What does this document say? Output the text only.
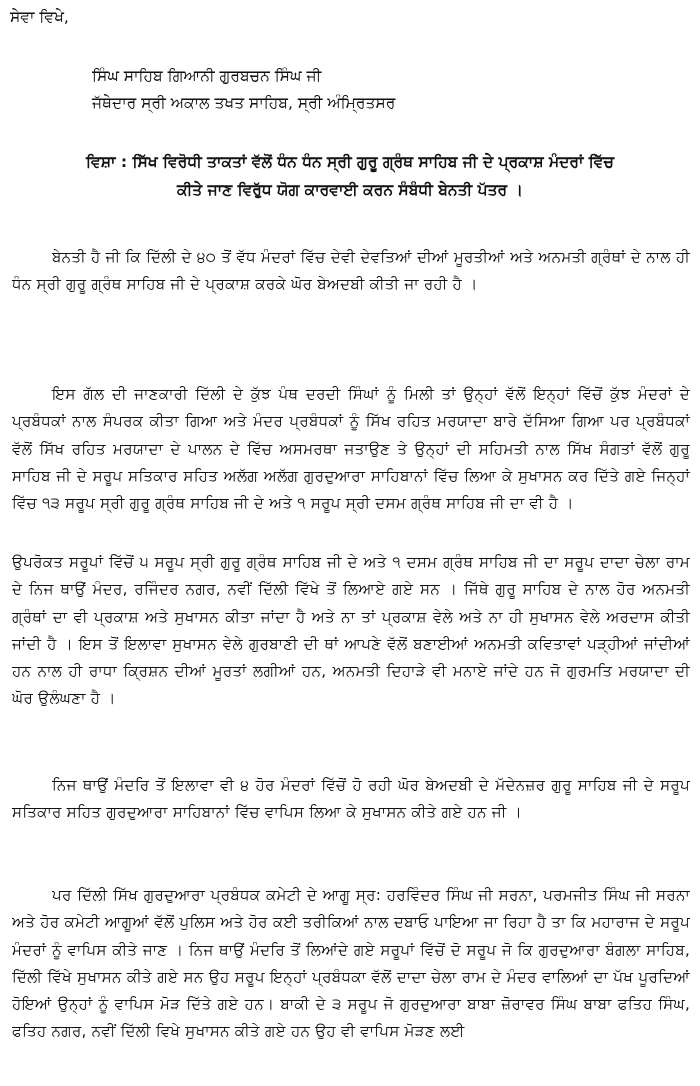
ਸੇਵਾ ਵਿਖੇ,
ਸਿੰਘ ਸਾਹਿਬ ਗਿਆਨੀ ਗੁਰਬਚਨ ਸਿੰਘ ਜੀ
ਜੱਥੇਦਾਰ ਸ੍ਰੀ ਅਕਾਲ ਤਖਤ ਸਾਹਿਬ, ਸ੍ਰੀ ਅੰਮ੍ਰਿਤਸਰ
ਵਿਸ਼ਾ : ਸਿੱਖ ਵਿਰੋਧੀ ਤਾਕਤਾਂ ਵੱਲੋਂ ਧੰਨ ਧੰਨ ਸ੍ਰੀ ਗੁਰੂ ਗ੍ਰੰਥ ਸਾਹਿਬ ਜੀ ਦੇ ਪ੍ਰਕਾਸ਼ ਮੰਦਰਾਂ ਵਿੱਚ
ਕੀਤੇ ਜਾਣ ਵਿਰੁੱਧ ਯੋਗ ਕਾਰਵਾਈ ਕਰਨ ਸੰਬੰਧੀ ਬੇਨਤੀ ਪੱਤਰ ।

ਬੇਨਤੀ ਹੈ ਜੀ ਕਿ ਦਿੱਲੀ ਦੇ ੪੦ ਤੋਂ ਵੱਧ ਮੰਦਰਾਂ ਵਿੱਚ ਦੇਵੀ ਦੇਵਤਿਆਂ ਦੀਆਂ ਮੂਰਤੀਆਂ ਅਤੇ ਅਨਮਤੀ ਗ੍ਰੰਥਾਂ ਦੇ ਨਾਲ ਹੀ ਧੰਨ ਸ੍ਰੀ ਗੁਰੂ ਗ੍ਰੰਥ ਸਾਹਿਬ ਜੀ ਦੇ ਪ੍ਰਕਾਸ਼ ਕਰਕੇ ਘੋਰ ਬੇਅਦਬੀ ਕੀਤੀ ਜਾ ਰਹੀ ਹੈ ।

ਇਸ ਗੱਲ ਦੀ ਜਾਣਕਾਰੀ ਦਿੱਲੀ ਦੇ ਕੁੱਝ ਪੰਥ ਦਰਦੀ ਸਿੰਘਾਂ ਨੂੰ ਮਿਲੀ ਤਾਂ ਉਨ੍ਹਾਂ ਵੱਲੋਂ ਇਨ੍ਹਾਂ ਵਿੱਚੋਂ ਕੁੱਝ ਮੰਦਰਾਂ ਦੇ ਪ੍ਰਬੰਧਕਾਂ ਨਾਲ ਸੰਪਰਕ ਕੀਤਾ ਗਿਆ ਅਤੇ ਮੰਦਰ ਪ੍ਰਬੰਧਕਾਂ ਨੂੰ ਸਿੱਖ ਰਹਿਤ ਮਰਯਾਦਾ ਬਾਰੇ ਦੱਸਿਆ ਗਿਆ ਪਰ ਪ੍ਰਬੰਧਕਾਂ ਵੱਲੋਂ ਸਿੱਖ ਰਹਿਤ ਮਰਯਾਦਾ ਦੇ ਪਾਲਨ ਦੇ ਵਿੱਚ ਅਸਮਰਥਾ ਜਤਾਉਣ ਤੇ ਉਨ੍ਹਾਂ ਦੀ ਸਹਿਮਤੀ ਨਾਲ ਸਿੱਖ ਸੰਗਤਾਂ ਵੱਲੋਂ ਗੁਰੂ ਸਾਹਿਬ ਜੀ ਦੇ ਸਰੂਪ ਸਤਿਕਾਰ ਸਹਿਤ ਅਲੱਗ ਅਲੱਗ ਗੁਰਦੁਆਰਾ ਸਾਹਿਬਾਨਾਂ ਵਿੱਚ ਲਿਆ ਕੇ ਸੁਖਾਸਨ ਕਰ ਦਿੱਤੇ ਗਏ ਜਿਨ੍ਹਾਂ ਵਿੱਚ ੧੩ ਸਰੂਪ ਸ੍ਰੀ ਗੁਰੂ ਗ੍ਰੰਥ ਸਾਹਿਬ ਜੀ ਦੇ ਅਤੇ ੧ ਸਰੂਪ ਸ੍ਰੀ ਦਸਮ ਗ੍ਰੰਥ ਸਾਹਿਬ ਜੀ ਦਾ ਵੀ ਹੈ ।

ਉਪਰੋਕਤ ਸਰੂਪਾਂ ਵਿੱਚੋਂ ੫ ਸਰੂਪ ਸ੍ਰੀ ਗੁਰੂ ਗ੍ਰੰਥ ਸਾਹਿਬ ਜੀ ਦੇ ਅਤੇ ੧ ਦਸਮ ਗ੍ਰੰਥ ਸਾਹਿਬ ਜੀ ਦਾ ਸਰੂਪ ਦਾਦਾ ਚੇਲਾ ਰਾਮ ਦੇ ਨਿਜ ਥਾਉਂ ਮੰਦਰ, ਰਜਿੰਦਰ ਨਗਰ, ਨਵੀਂ ਦਿੱਲੀ ਵਿੱਖੇ ਤੋਂ ਲਿਆਏ ਗਏ ਸਨ । ਜਿੱਥੇ ਗੁਰੂ ਸਾਹਿਬ ਦੇ ਨਾਲ ਹੋਰ ਅਨਮਤੀ ਗ੍ਰੰਥਾਂ ਦਾ ਵੀ ਪ੍ਰਕਾਸ਼ ਅਤੇ ਸੁਖਾਸਨ ਕੀਤਾ ਜਾਂਦਾ ਹੈ ਅਤੇ ਨਾ ਤਾਂ ਪ੍ਰਕਾਸ਼ ਵੇਲੇ ਅਤੇ ਨਾ ਹੀ ਸੁਖਾਸਨ ਵੇਲੇ ਅਰਦਾਸ ਕੀਤੀ ਜਾਂਦੀ ਹੈ । ਇਸ ਤੋਂ ਇਲਾਵਾ ਸੁਖਾਸਨ ਵੇਲੇ ਗੁਰਬਾਣੀ ਦੀ ਥਾਂ ਆਪਣੇ ਵੱਲੋਂ ਬਣਾਈਆਂ ਅਨਮਤੀ ਕਵਿਤਾਵਾਂ ਪੜ੍ਹੀਆਂ ਜਾਂਦੀਆਂ ਹਨ ਨਾਲ ਹੀ ਰਾਧਾ ਕ੍ਰਿਸ਼ਨ ਦੀਆਂ ਮੂਰਤਾਂ ਲਗੀਆਂ ਹਨ, ਅਨਮਤੀ ਦਿਹਾੜੇ ਵੀ ਮਨਾਏ ਜਾਂਦੇ ਹਨ ਜੋ ਗੁਰਮਤਿ ਮਰਯਾਦਾ ਦੀ ਘੋਰ ਉਲੰਘਣਾ ਹੈ ।

ਨਿਜ ਥਾਉਂ ਮੰਦਰਿ ਤੋਂ ਇਲਾਵਾ ਵੀ ੪ ਹੋਰ ਮੰਦਰਾਂ ਵਿੱਚੋਂ ਹੋ ਰਹੀ ਘੋਰ ਬੇਅਦਬੀ ਦੇ ਮੱਦੇਨਜ਼ਰ ਗੁਰੂ ਸਾਹਿਬ ਜੀ ਦੇ ਸਰੂਪ ਸਤਿਕਾਰ ਸਹਿਤ ਗੁਰਦੁਆਰਾ ਸਾਹਿਬਾਨਾਂ ਵਿੱਚ ਵਾਪਿਸ ਲਿਆ ਕੇ ਸੁਖਾਸਨ ਕੀਤੇ ਗਏ ਹਨ ਜੀ ।

ਪਰ ਦਿੱਲੀ ਸਿੱਖ ਗੁਰਦੁਆਰਾ ਪ੍ਰਬੰਧਕ ਕਮੇਟੀ ਦੇ ਆਗੂ ਸ੍ਰ: ਹਰਵਿੰਦਰ ਸਿੰਘ ਜੀ ਸਰਨਾ, ਪਰਮਜੀਤ ਸਿੰਘ ਜੀ ਸਰਨਾ ਅਤੇ ਹੋਰ ਕਮੇਟੀ ਆਗੂਆਂ ਵੱਲੋਂ ਪੁਲਿਸ ਅਤੇ ਹੋਰ ਕਈ ਤਰੀਕਿਆਂ ਨਾਲ ਦਬਾਓ ਪਾਇਆ ਜਾ ਰਿਹਾ ਹੈ ਤਾ ਕਿ ਮਹਾਰਾਜ ਦੇ ਸਰੂਪ ਮੰਦਰਾਂ ਨੂੰ ਵਾਪਿਸ ਕੀਤੇ ਜਾਣ । ਨਿਜ ਥਾਉਂ ਮੰਦਰਿ ਤੋਂ ਲਿਆਂਦੇ ਗਏ ਸਰੂਪਾਂ ਵਿੱਚੋਂ ਦੋ ਸਰੂਪ ਜੋ ਕਿ ਗੁਰਦੁਆਰਾ ਬੰਗਲਾ ਸਾਹਿਬ, ਦਿੱਲੀ ਵਿੱਖੇ ਸੁਖਾਸਨ ਕੀਤੇ ਗਏ ਸਨ ਉਹ ਸਰੂਪ ਇਨ੍ਹਾਂ ਪ੍ਰਬੰਧਕਾ ਵੱਲੋਂ ਦਾਦਾ ਚੇਲਾ ਰਾਮ ਦੇ ਮੰਦਰ ਵਾਲਿਆਂ ਦਾ ਪੱਖ ਪੂਰਦਿਆਂ ਹੋਇਆਂ ਉਨ੍ਹਾਂ ਨੂੰ ਵਾਪਿਸ ਮੋੜ ਦਿੱਤੇ ਗਏ ਹਨ। ਬਾਕੀ ਦੇ ੩ ਸਰੂਪ ਜੋ ਗੁਰਦੁਆਰਾ ਬਾਬਾ ਜ਼ੋਰਾਵਰ ਸਿੰਘ ਬਾਬਾ ਫਤਿਹ ਸਿੰਘ, ਫਤਿਹ ਨਗਰ, ਨਵੀਂ ਦਿੱਲੀ ਵਿਖੇ ਸੁਖਾਸਨ ਕੀਤੇ ਗਏ ਹਨ ਉਹ ਵੀ ਵਾਪਿਸ ਮੋੜਣ ਲਈ
